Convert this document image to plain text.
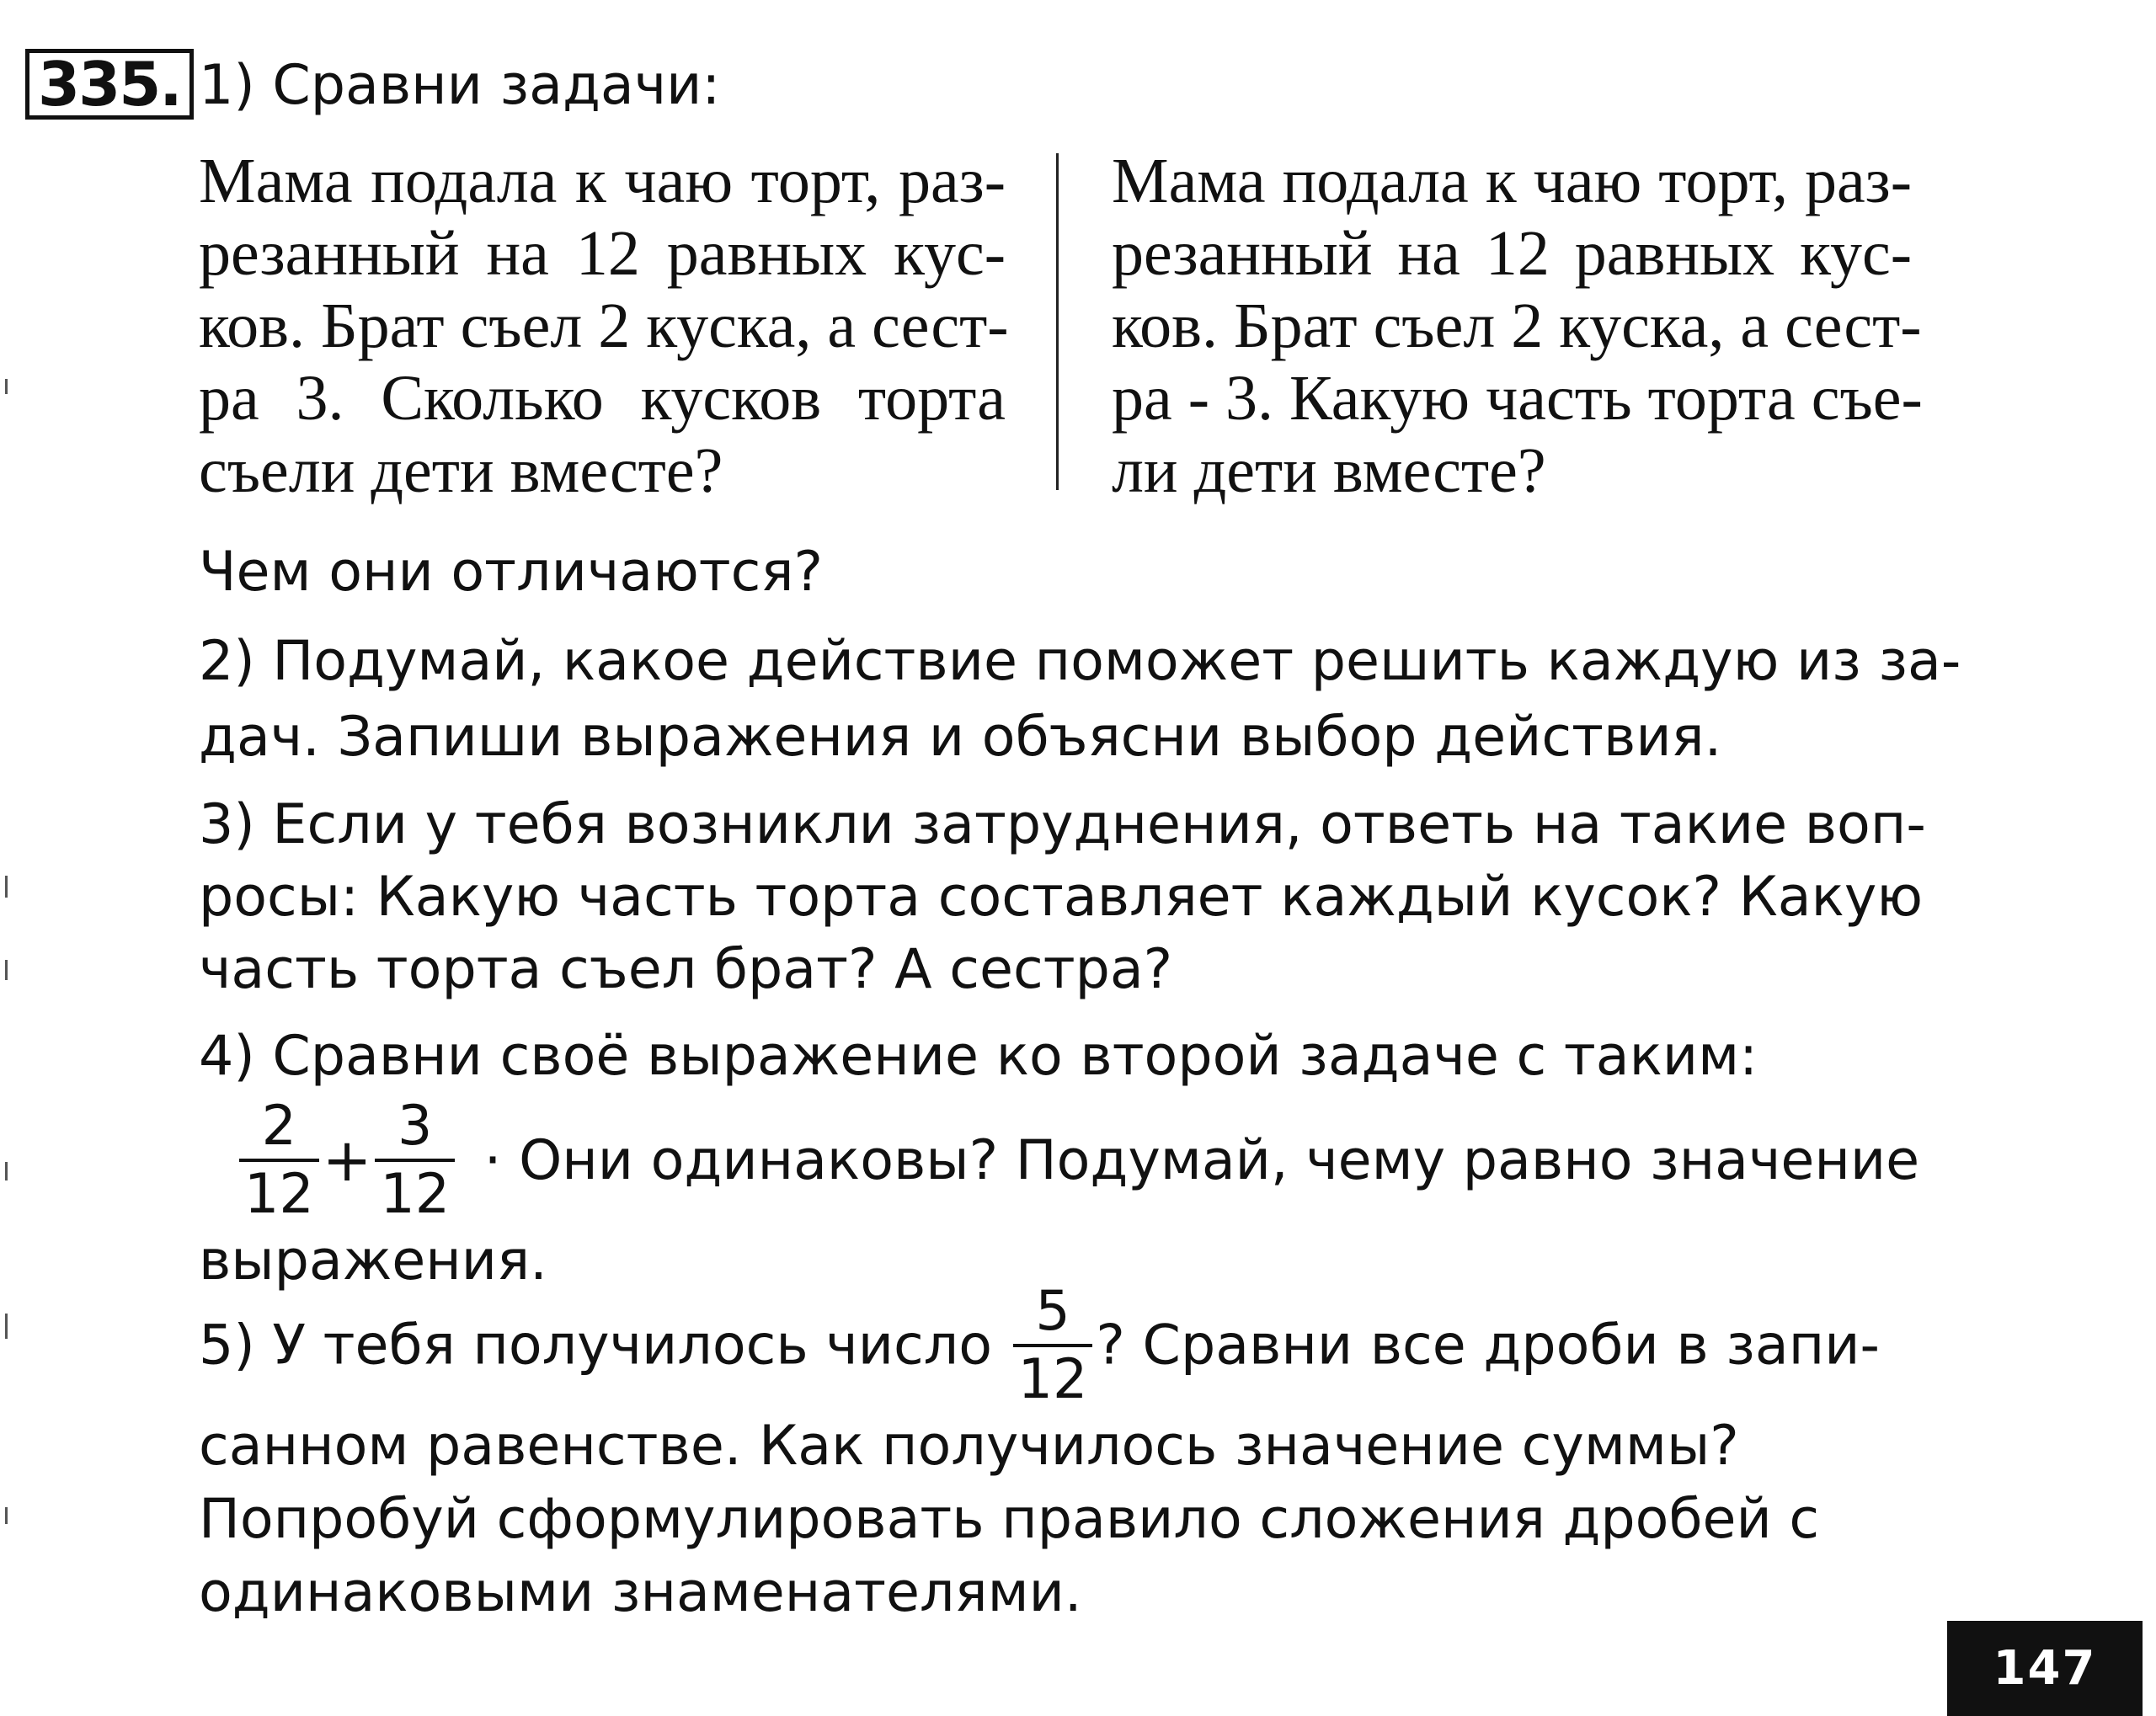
335. 1) Сравни задачи:
Мама подала к чаю торт, раз-
резанный на 12 равных кус-
ков. Брат съел 2 куска, а сест-
ра 3. Сколько кусков торта
съели дети вместе?
Мама подала к чаю торт, раз-
резанный на 12 равных кус-
ков. Брат съел 2 куска, а сест-
ра - 3. Какую часть торта съе-
ли дети вместе?
Чем они отличаются?
2) Подумай, какое действие поможет решить каждую из за-
дач. Запиши выражения и объясни выбор действия.
3) Если у тебя возникли затруднения, ответь на такие воп-
росы: Какую часть торта составляет каждый кусок? Какую
часть торта съел брат? А сестра?
4) Сравни своё выражение ко второй задаче с таким:
$\frac{2}{12} + \frac{3}{12}$ · Они одинаковы? Подумай, чему равно значение
выражения.
5) У тебя получилось число $\frac{5}{12}$ ? Сравни все дроби в запи-
санном равенстве. Как получилось значение суммы?
Попробуй сформулировать правило сложения дробей с
одинаковыми знаменателями.
147
